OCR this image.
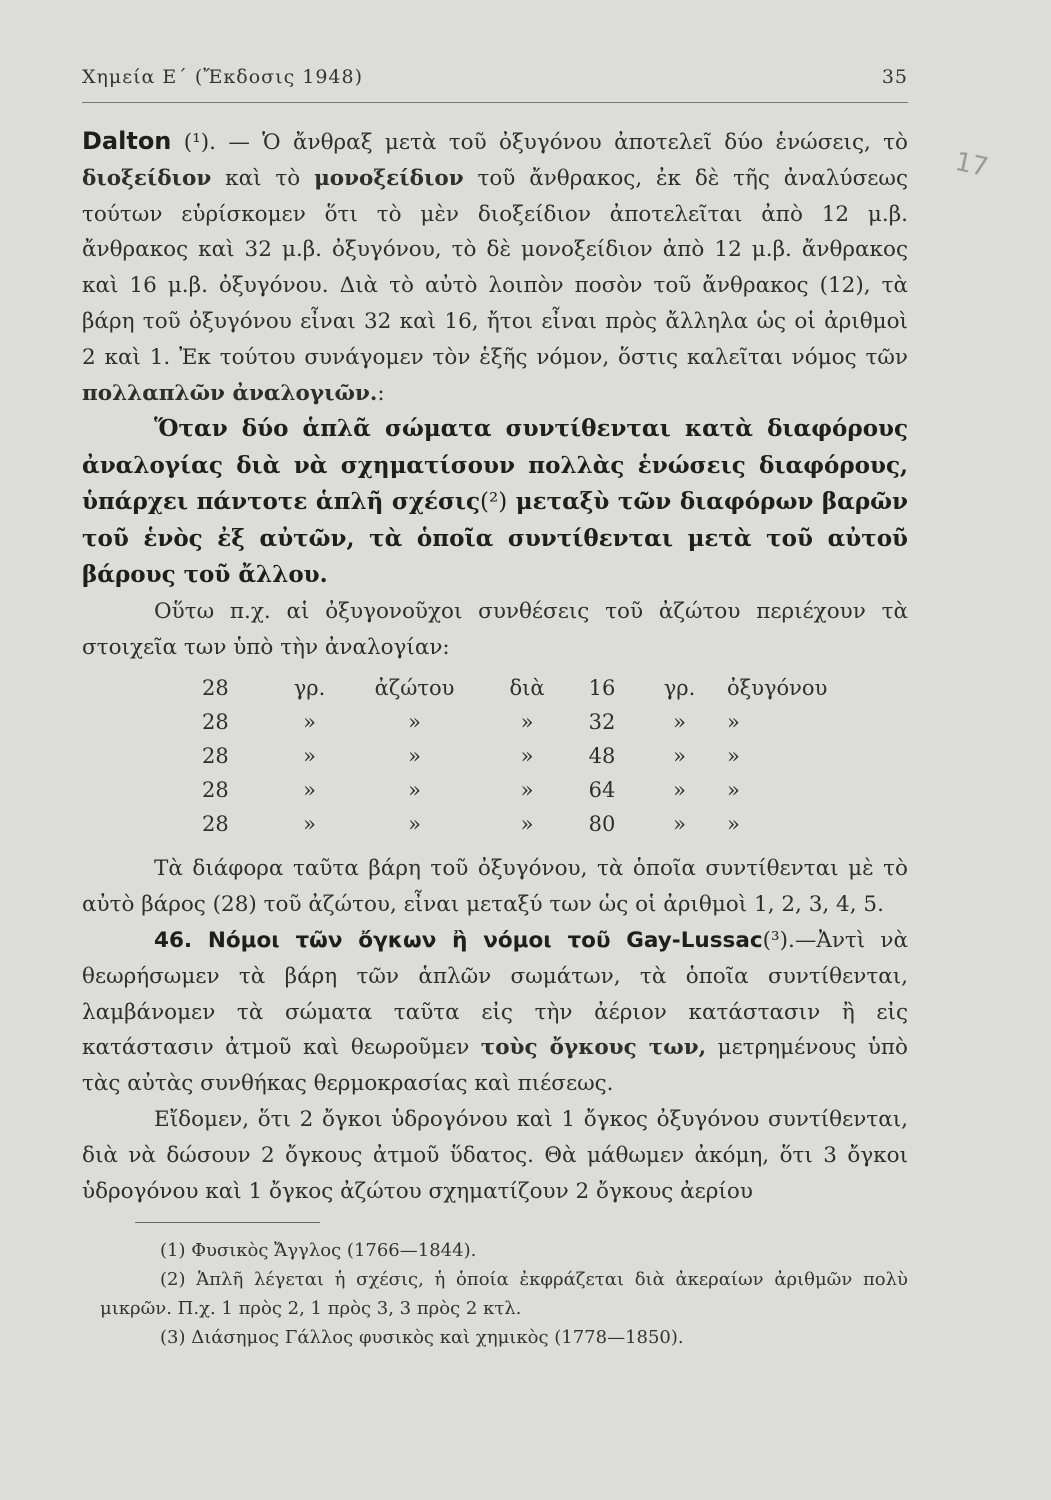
Χημεία Ε΄ (Ἔκδοσις 1948)	35
17

Dalton (¹). — Ὁ ἄνθραξ μετὰ τοῦ ὀξυγόνου ἀποτελεῖ δύο ἑνώσεις, τὸ διοξείδιον καὶ τὸ μονοξείδιον τοῦ ἄνθρακος, ἐκ δὲ τῆς ἀναλύσεως τούτων εὑρίσκομεν ὅτι τὸ μὲν διοξείδιον ἀποτελεῖται ἀπὸ 12 μ.β. ἄνθρακος καὶ 32 μ.β. ὀξυγόνου, τὸ δὲ μονοξείδιον ἀπὸ 12 μ.β. ἄνθρακος καὶ 16 μ.β. ὀξυγόνου. Διὰ τὸ αὐτὸ λοιπὸν ποσὸν τοῦ ἄνθρακος (12), τὰ βάρη τοῦ ὀξυγόνου εἶναι 32 καὶ 16, ἤτοι εἶναι πρὸς ἄλληλα ὡς οἱ ἀριθμοὶ 2 καὶ 1. Ἐκ τούτου συνάγομεν τὸν ἑξῆς νόμον, ὅστις καλεῖται νόμος τῶν πολλαπλῶν ἀναλογιῶν.:

Ὅταν δύο ἁπλᾶ σώματα συντίθενται κατὰ διαφόρους ἀναλογίας διὰ νὰ σχηματίσουν πολλὰς ἑνώσεις διαφόρους, ὑπάρχει πάντοτε ἁπλῆ σχέσις(²) μεταξὺ τῶν διαφόρων βαρῶν τοῦ ἑνὸς ἐξ αὐτῶν, τὰ ὁποῖα συντίθενται μετὰ τοῦ αὐτοῦ βάρους τοῦ ἄλλου.

Οὕτω π.χ. αἱ ὀξυγονοῦχοι συνθέσεις τοῦ ἀζώτου περιέχουν τὰ στοιχεῖα των ὑπὸ τὴν ἀναλογίαν:

28	γρ.	ἀζώτου	διὰ	16	γρ.	ὀξυγόνου
28	»	»	»	32	»	»
28	»	»	»	48	»	»
28	»	»	»	64	»	»
28	»	»	»	80	»	»

Τὰ διάφορα ταῦτα βάρη τοῦ ὀξυγόνου, τὰ ὁποῖα συντίθενται μὲ τὸ αὐτὸ βάρος (28) τοῦ ἀζώτου, εἶναι μεταξύ των ὡς οἱ ἀριθμοὶ 1, 2, 3, 4, 5.

46. Νόμοι τῶν ὄγκων ἢ νόμοι τοῦ Gay-Lussac(³).—Ἀντὶ νὰ θεωρήσωμεν τὰ βάρη τῶν ἁπλῶν σωμάτων, τὰ ὁποῖα συντίθενται, λαμβάνομεν τὰ σώματα ταῦτα εἰς τὴν ἀέριον κατάστασιν ἢ εἰς κατάστασιν ἀτμοῦ καὶ θεωροῦμεν τοὺς ὄγκους των, μετρημένους ὑπὸ τὰς αὐτὰς συνθήκας θερμοκρασίας καὶ πιέσεως.

Εἴδομεν, ὅτι 2 ὄγκοι ὑδρογόνου καὶ 1 ὄγκος ὀξυγόνου συντίθενται, διὰ νὰ δώσουν 2 ὄγκους ἀτμοῦ ὕδατος. Θὰ μάθωμεν ἀκόμη, ὅτι 3 ὄγκοι ὑδρογόνου καὶ 1 ὄγκος ἀζώτου σχηματίζουν 2 ὄγκους ἀερίου

(1) Φυσικὸς Ἄγγλος (1766—1844).

(2) Ἁπλῆ λέγεται ἡ σχέσις, ἡ ὁποία ἐκφράζεται διὰ ἀκεραίων ἀριθμῶν πολὺ μικρῶν. Π.χ. 1 πρὸς 2, 1 πρὸς 3, 3 πρὸς 2 κτλ.

(3) Διάσημος Γάλλος φυσικὸς καὶ χημικὸς (1778—1850).
